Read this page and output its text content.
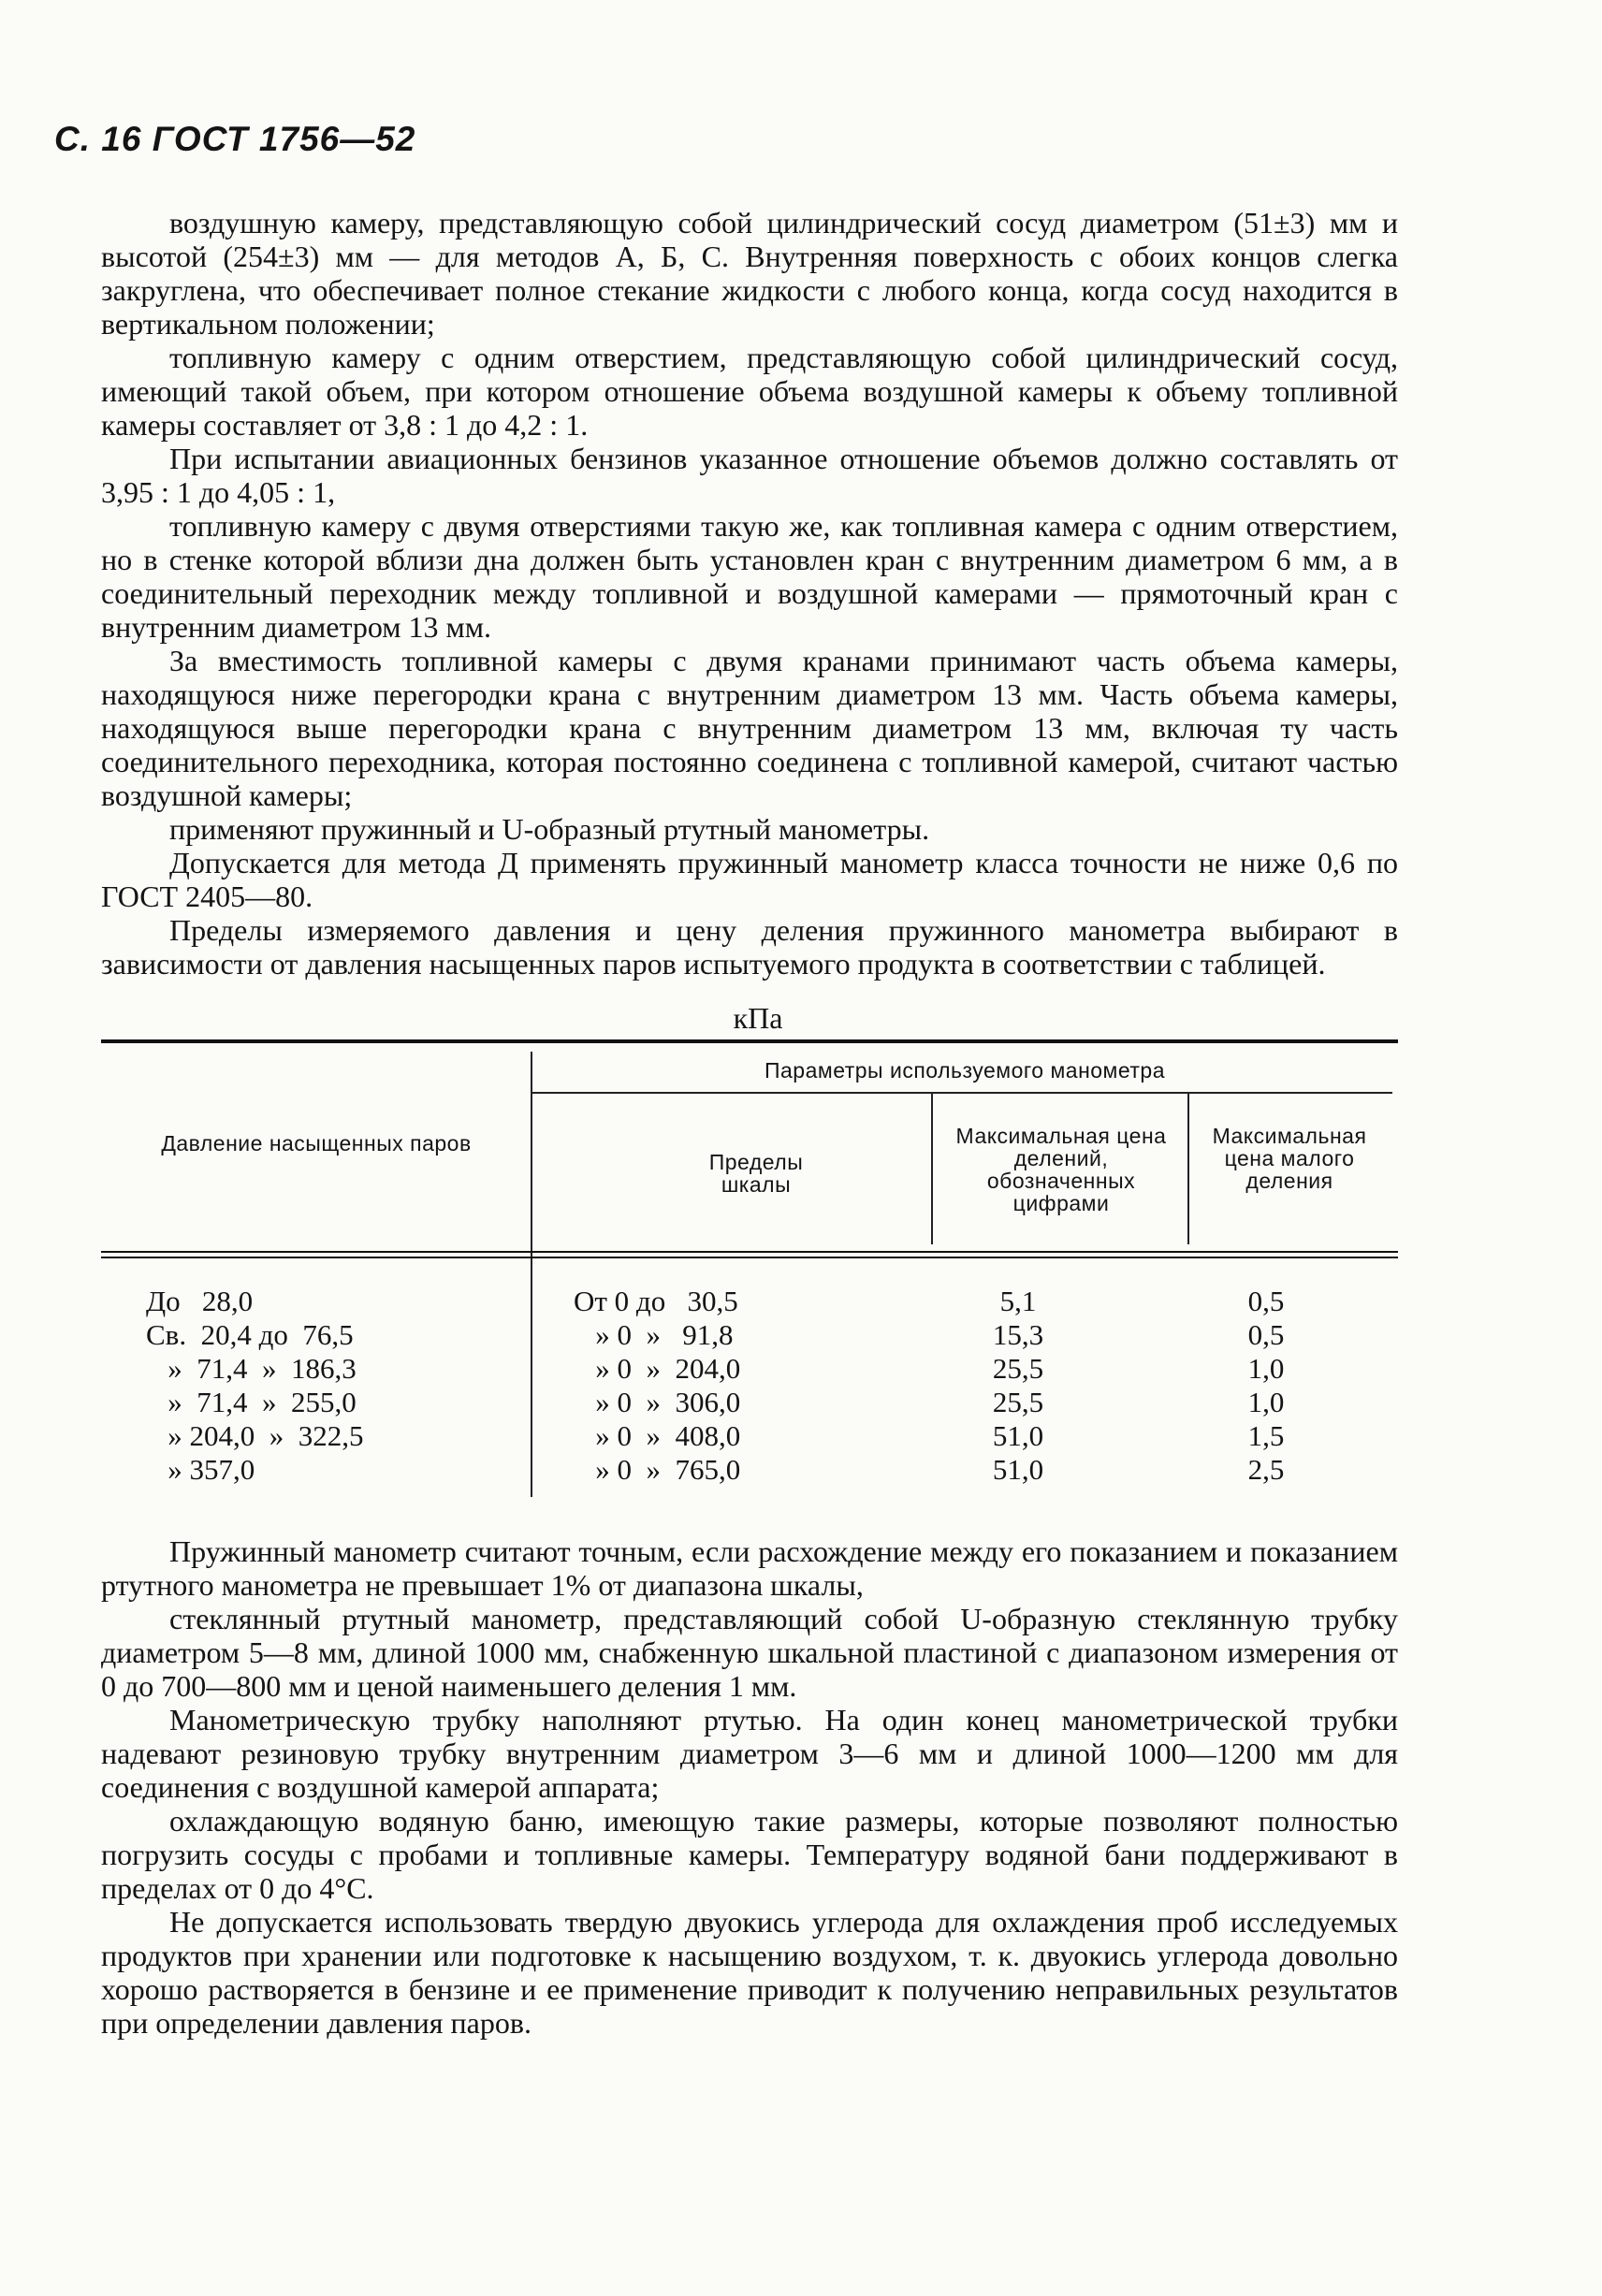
С. 16 ГОСТ 1756—52

воздушную камеру, представляющую собой цилиндрический сосуд диаметром (51±3) мм и высотой (254±3) мм — для методов А, Б, С. Внутренняя поверхность с обоих концов слегка закруглена, что обеспечивает полное стекание жидкости с любого конца, когда сосуд находится в вертикальном положении;

топливную камеру с одним отверстием, представляющую собой цилиндрический сосуд, имеющий такой объем, при котором отношение объема воздушной камеры к объему топливной камеры составляет от 3,8 : 1 до 4,2 : 1.

При испытании авиационных бензинов указанное отношение объемов должно составлять от 3,95 : 1 до 4,05 : 1,

топливную камеру с двумя отверстиями такую же, как топливная камера с одним отверстием, но в стенке которой вблизи дна должен быть установлен кран с внутренним диаметром 6 мм, а в соединительный переходник между топливной и воздушной камерами — прямоточный кран с внутренним диаметром 13 мм.

За вместимость топливной камеры с двумя кранами принимают часть объема камеры, находящуюся ниже перегородки крана с внутренним диаметром 13 мм. Часть объема камеры, находящуюся выше перегородки крана с внутренним диаметром 13 мм, включая ту часть соединительного переходника, которая постоянно соединена с топливной камерой, считают частью воздушной камеры;

применяют пружинный и U-образный ртутный манометры.

Допускается для метода Д применять пружинный манометр класса точности не ниже 0,6 по ГОСТ 2405—80.

Пределы измеряемого давления и цену деления пружинного манометра выбирают в зависимости от давления насыщенных паров испытуемого продукта в соответствии с таблицей.

кПа
Давление насыщенных паров
Параметры используемого манометра
Пределы шкалы
Максимальная цена делений, обозначенных цифрами
Максимальная цена малого деления
До   28,0	От 0 до   30,5	5,1	0,5
Св.  20,4 до  76,5	» 0  »   91,8	15,3	0,5
»  71,4  »  186,3	» 0  »  204,0	25,5	1,0
»  71,4  »  255,0	» 0  »  306,0	25,5	1,0
» 204,0  »  322,5	» 0  »  408,0	51,0	1,5
» 357,0	» 0  »  765,0	51,0	2,5

Пружинный манометр считают точным, если расхождение между его показанием и показанием ртутного манометра не превышает 1% от диапазона шкалы,

стеклянный ртутный манометр, представляющий собой U-образную стеклянную трубку диаметром 5—8 мм, длиной 1000 мм, снабженную шкальной пластиной с диапазоном измерения от 0 до 700—800 мм и ценой наименьшего деления 1 мм.

Манометрическую трубку наполняют ртутью. На один конец манометрической трубки надевают резиновую трубку внутренним диаметром 3—6 мм и длиной 1000—1200 мм для соединения с воздушной камерой аппарата;

охлаждающую водяную баню, имеющую такие размеры, которые позволяют полностью погрузить сосуды с пробами и топливные камеры. Температуру водяной бани поддерживают в пределах от 0 до 4°С.

Не допускается использовать твердую двуокись углерода для охлаждения проб исследуемых продуктов при хранении или подготовке к насыщению воздухом, т. к. двуокись углерода довольно хорошо растворяется в бензине и ее применение приводит к получению неправильных результатов при определении давления паров.
